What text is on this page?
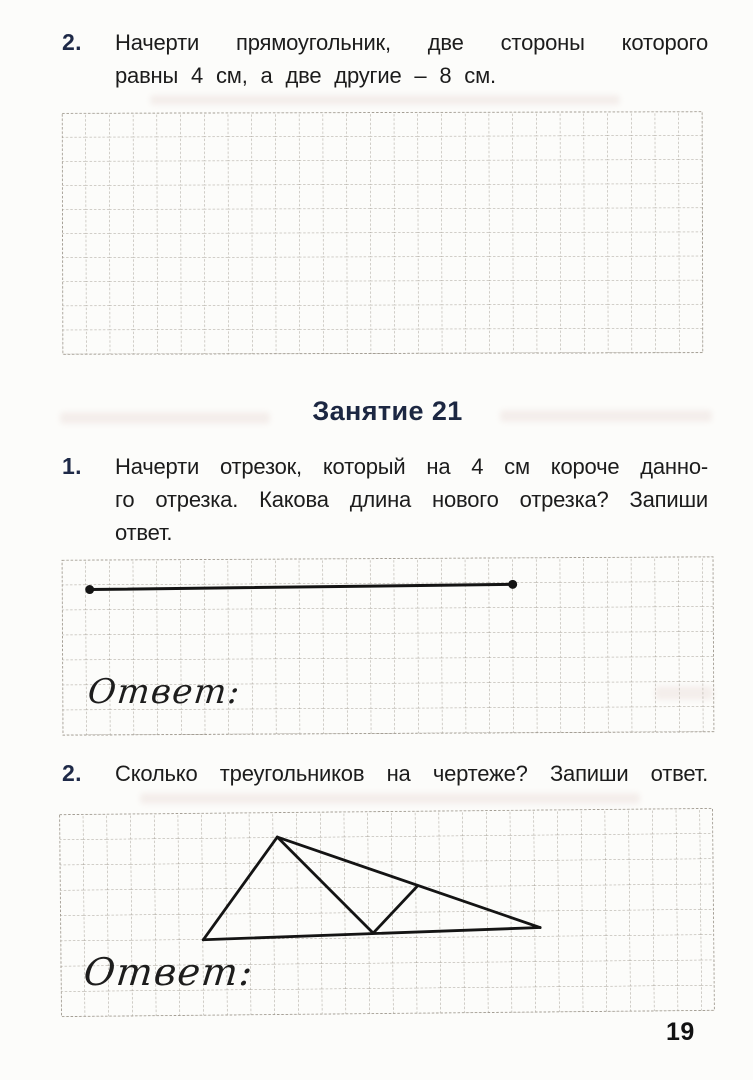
2.	Начерти прямоугольник, две стороны которого
равны 4 см, а две другие – 8 см.
Занятие 21
1.	Начерти отрезок, который на 4 см короче данно-
го отрезка. Какова длина нового отрезка? Запиши
ответ.
Ответ:
2.	Сколько треугольников на чертеже? Запиши ответ.
Ответ:
19
